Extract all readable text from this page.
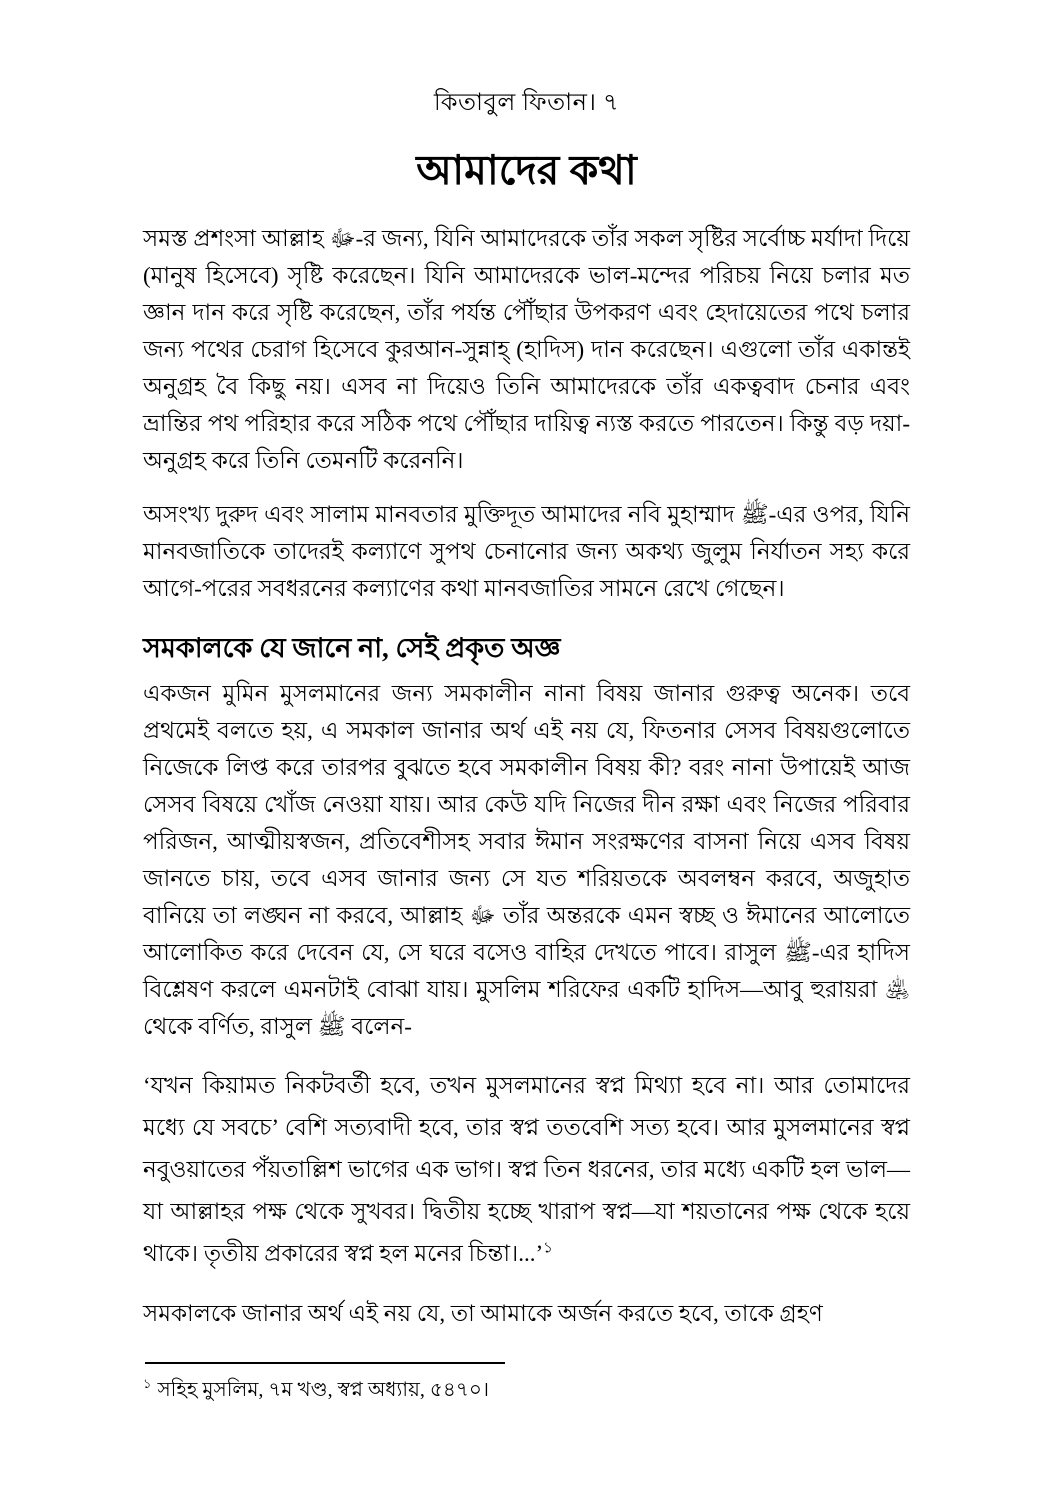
কিতাবুল ফিতান। ৭
আমাদের কথা

সমস্ত প্রশংসা আল্লাহ ﷻ-র জন্য, যিনি আমাদেরকে তাঁর সকল সৃষ্টির সর্বোচ্চ মর্যাদা দিয়ে (মানুষ হিসেবে) সৃষ্টি করেছেন। যিনি আমাদেরকে ভাল-মন্দের পরিচয় নিয়ে চলার মত জ্ঞান দান করে সৃষ্টি করেছেন, তাঁর পর্যন্ত পৌঁছার উপকরণ এবং হেদায়েতের পথে চলার জন্য পথের চেরাগ হিসেবে কুরআন-সুন্নাহ্ (হাদিস) দান করেছেন। এগুলো তাঁর একান্তই অনুগ্রহ বৈ কিছু নয়। এসব না দিয়েও তিনি আমাদেরকে তাঁর একত্ববাদ চেনার এবং ভ্রান্তির পথ পরিহার করে সঠিক পথে পৌঁছার দায়িত্ব ন্যস্ত করতে পারতেন। কিন্তু বড় দয়া-অনুগ্রহ করে তিনি তেমনটি করেননি।

অসংখ্য দুরুদ এবং সালাম মানবতার মুক্তিদূত আমাদের নবি মুহাম্মাদ ﷺ-এর ওপর, যিনি মানবজাতিকে তাদেরই কল্যাণে সুপথ চেনানোর জন্য অকথ্য জুলুম নির্যাতন সহ্য করে আগে-পরের সবধরনের কল্যাণের কথা মানবজাতির সামনে রেখে গেছেন।

সমকালকে যে জানে না, সেই প্রকৃত অজ্ঞ

একজন মুমিন মুসলমানের জন্য সমকালীন নানা বিষয় জানার গুরুত্ব অনেক। তবে প্রথমেই বলতে হয়, এ সমকাল জানার অর্থ এই নয় যে, ফিতনার সেসব বিষয়গুলোতে নিজেকে লিপ্ত করে তারপর বুঝতে হবে সমকালীন বিষয় কী? বরং নানা উপায়েই আজ সেসব বিষয়ে খোঁজ নেওয়া যায়। আর কেউ যদি নিজের দীন রক্ষা এবং নিজের পরিবার পরিজন, আত্মীয়স্বজন, প্রতিবেশীসহ সবার ঈমান সংরক্ষণের বাসনা নিয়ে এসব বিষয় জানতে চায়, তবে এসব জানার জন্য সে যত শরিয়তকে অবলম্বন করবে, অজুহাত বানিয়ে তা লঙ্ঘন না করবে, আল্লাহ ﷻ তাঁর অন্তরকে এমন স্বচ্ছ ও ঈমানের আলোতে আলোকিত করে দেবেন যে, সে ঘরে বসেও বাহির দেখতে পাবে। রাসুল ﷺ-এর হাদিস বিশ্লেষণ করলে এমনটাই বোঝা যায়। মুসলিম শরিফের একটি হাদিস—আবু হুরায়রা ﵁ থেকে বর্ণিত, রাসুল ﷺ বলেন-

‘যখন কিয়ামত নিকটবর্তী হবে, তখন মুসলমানের স্বপ্ন মিথ্যা হবে না। আর তোমাদের মধ্যে যে সবচে’ বেশি সত্যবাদী হবে, তার স্বপ্ন ততবেশি সত্য হবে। আর মুসলমানের স্বপ্ন নবুওয়াতের পঁয়তাল্লিশ ভাগের এক ভাগ। স্বপ্ন তিন ধরনের, তার মধ্যে একটি হল ভাল—যা আল্লাহর পক্ষ থেকে সুখবর। দ্বিতীয় হচ্ছে খারাপ স্বপ্ন—যা শয়তানের পক্ষ থেকে হয়ে থাকে। তৃতীয় প্রকারের স্বপ্ন হল মনের চিন্তা।...’$^১$

সমকালকে জানার অর্থ এই নয় যে, তা আমাকে অর্জন করতে হবে, তাকে গ্রহণ

$^১$ সহিহ মুসলিম, ৭ম খণ্ড, স্বপ্ন অধ্যায়, ৫৪৭০।
